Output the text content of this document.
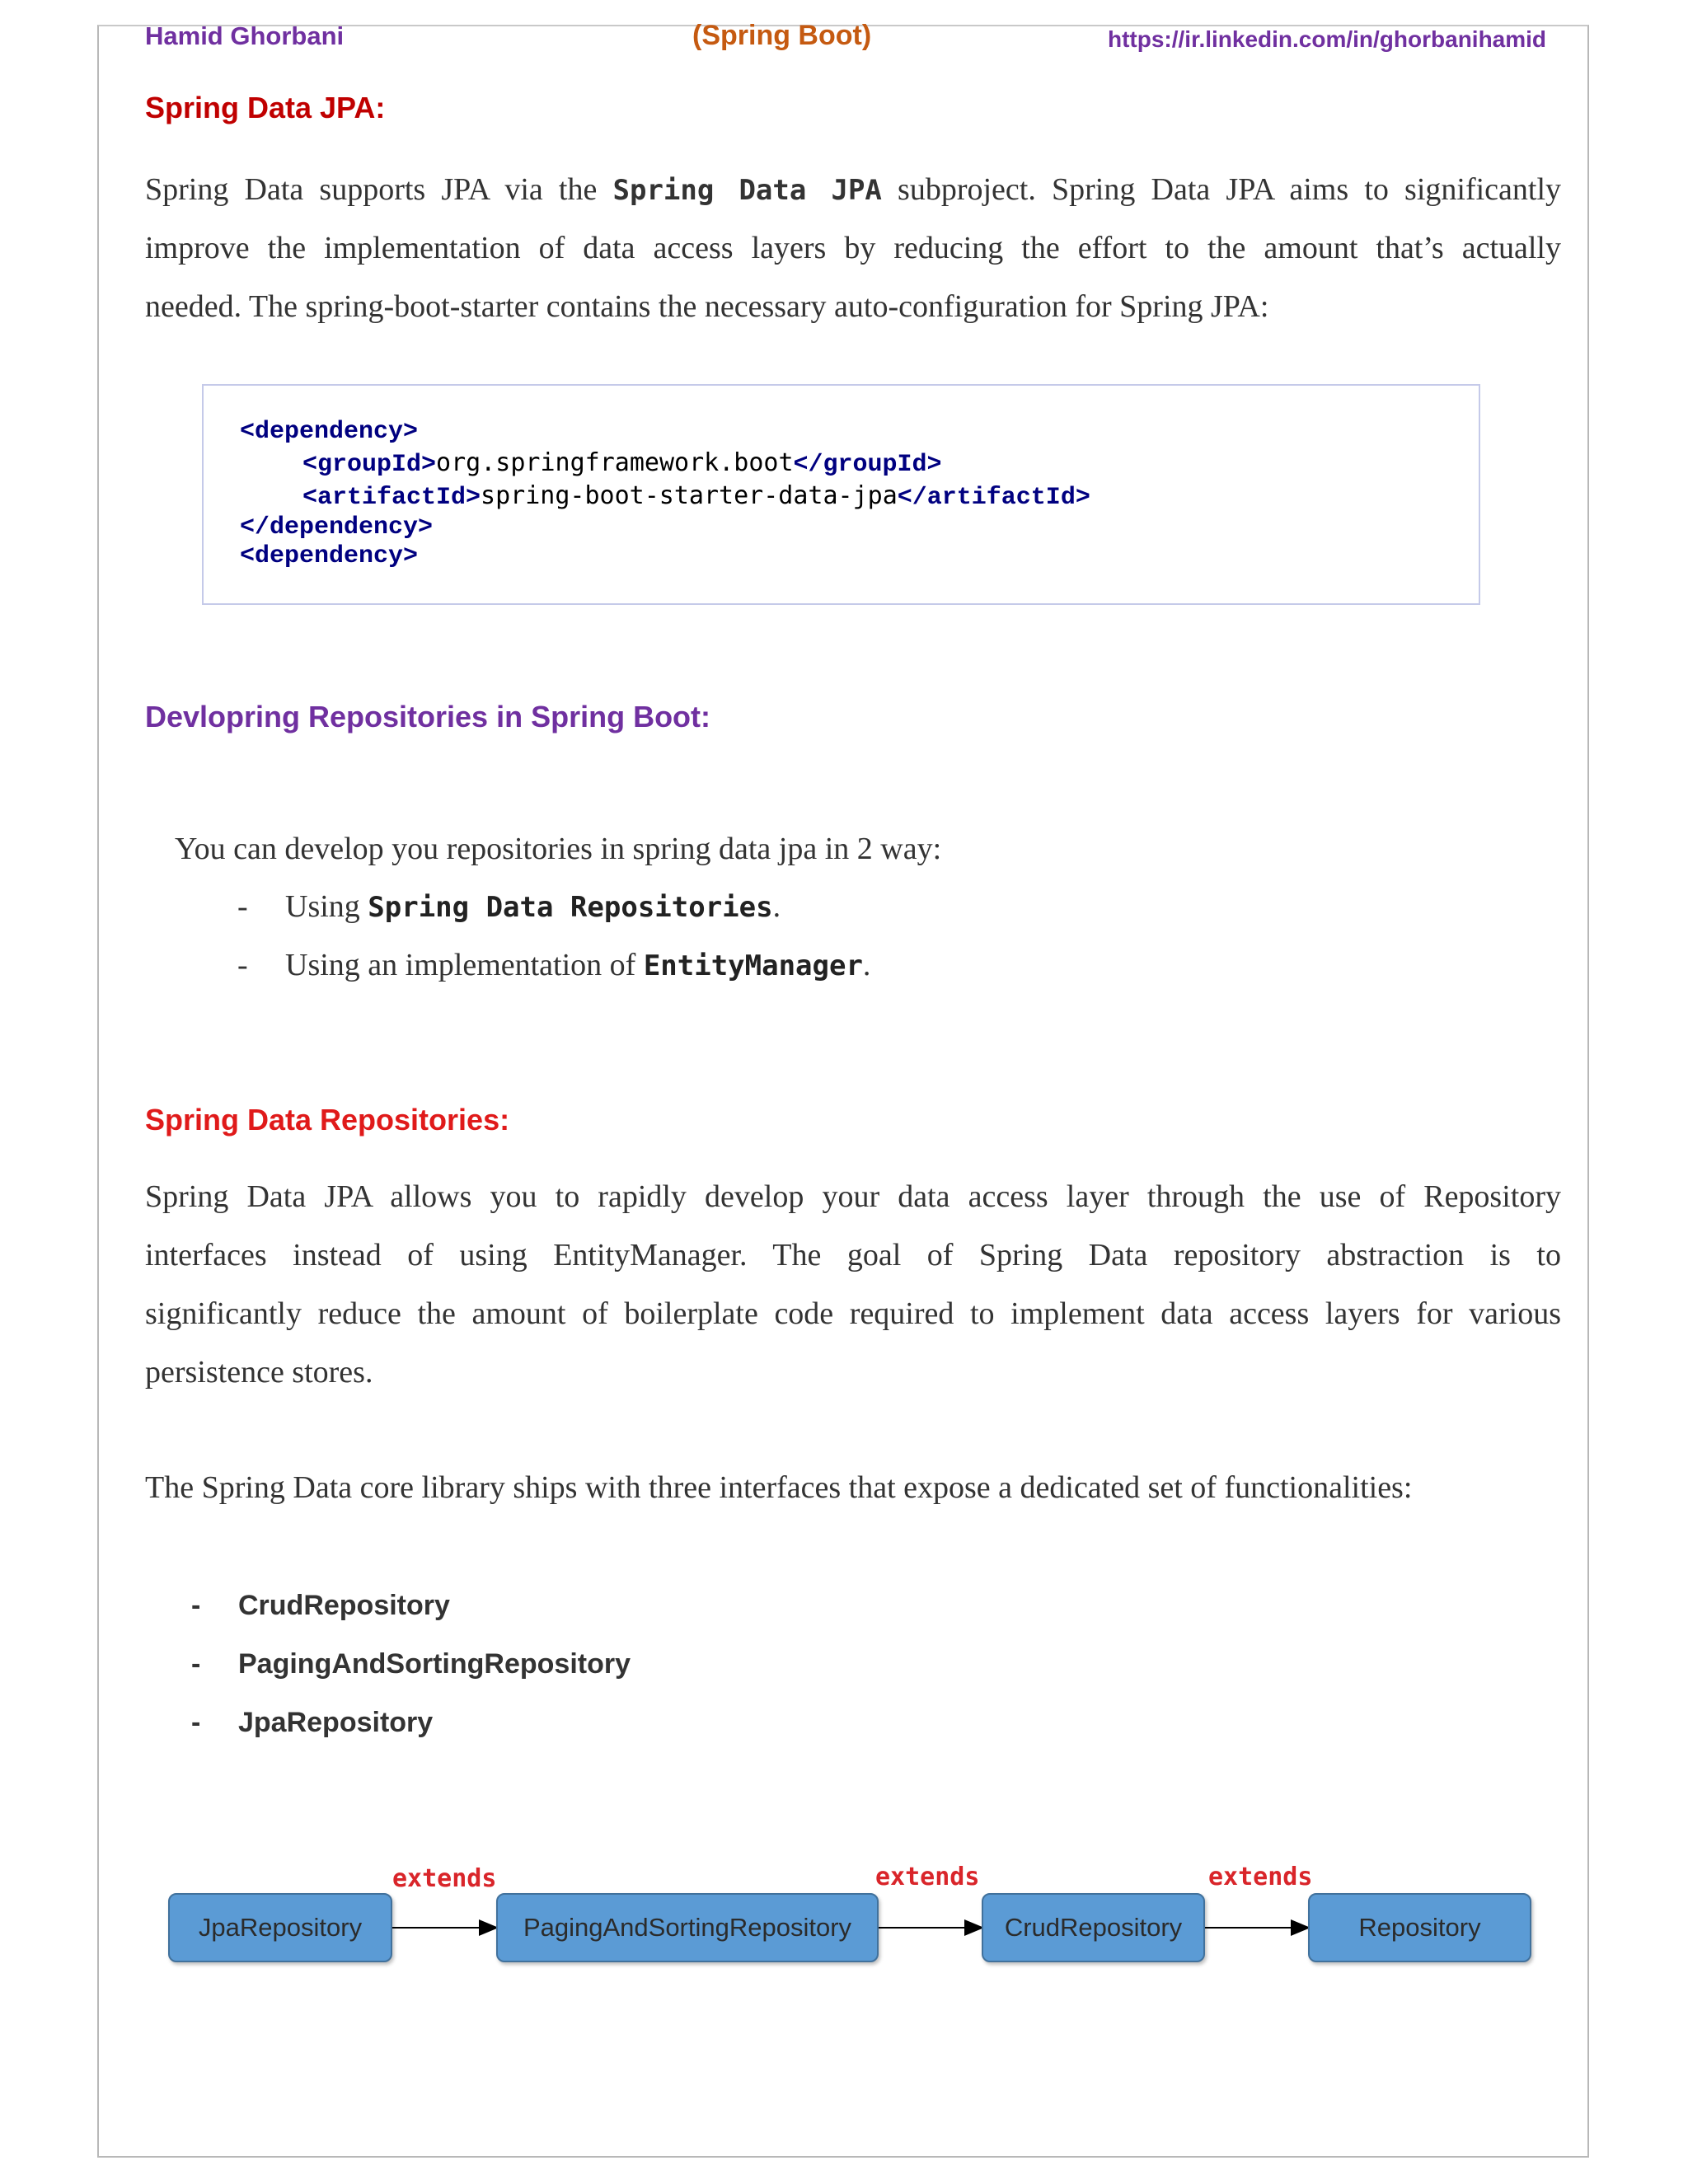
Hamid Ghorbani	(Spring Boot)	https://ir.linkedin.com/in/ghorbanihamid
Spring Data JPA:
Spring Data supports JPA via the Spring Data JPA subproject. Spring Data JPA aims to significantly
improve the implementation of data access layers by reducing the effort to the amount that’s actually
needed. The spring-boot-starter contains the necessary auto-configuration for Spring JPA:
<dependency>
<groupId>org.springframework.boot</groupId>
<artifactId>spring-boot-starter-data-jpa</artifactId>
</dependency>
<dependency>
Devlopring Repositories in Spring Boot:
You can develop you repositories in spring data jpa in 2 way:
- Using Spring Data Repositories.
- Using an implementation of EntityManager.
Spring Data Repositories:
Spring Data JPA allows you to rapidly develop your data access layer through the use of Repository
interfaces instead of using EntityManager. The goal of Spring Data repository abstraction is to
significantly reduce the amount of boilerplate code required to implement data access layers for various
persistence stores.
The Spring Data core library ships with three interfaces that expose a dedicated set of functionalities:
- CrudRepository
- PagingAndSortingRepository
- JpaRepository
extends	extends	extends
JpaRepository	PagingAndSortingRepository	CrudRepository	Repository
